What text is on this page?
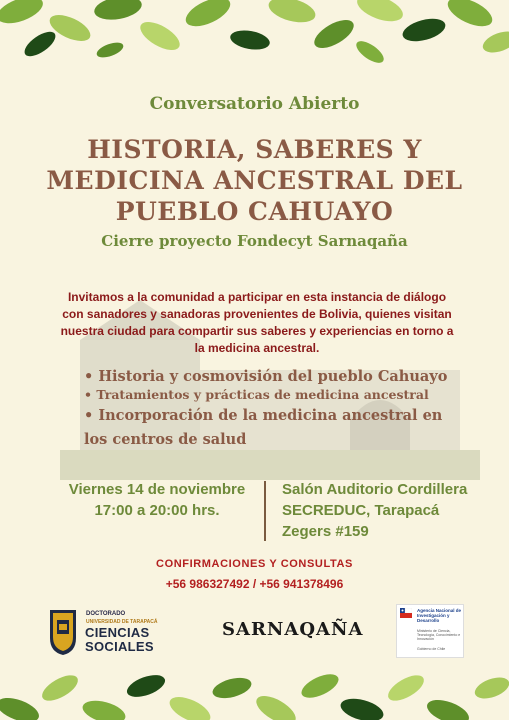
Conversatorio Abierto
HISTORIA, SABERES Y
MEDICINA ANCESTRAL DEL
PUEBLO CAHUAYO
Cierre proyecto Fondecyt Sarnaqaña
Invitamos a la comunidad a participar en esta instancia de diálogo con sanadores y sanadoras provenientes de Bolivia, quienes visitan nuestra ciudad para compartir sus saberes y experiencias en torno a la medicina ancestral.
• Historia y cosmovisión del pueblo Cahuayo
• Tratamientos y prácticas de medicina ancestral
• Incorporación de la medicina ancestral en los centros de salud
Viernes 14 de noviembre
17:00 a 20:00 hrs.
Salón Auditorio Cordillera
SECREDUC, Tarapacá
Zegers #159
CONFIRMACIONES Y CONSULTAS
+56 986327492 / +56 941378496
DOCTORADO
UNIVERSIDAD DE TARAPACÁ
CIENCIAS
SOCIALES
SARNAQAÑA
Agencia Nacional de Investigación y Desarrollo
Ministerio de Ciencia, Tecnología, Conocimiento e Innovación
Gobierno de Chile
